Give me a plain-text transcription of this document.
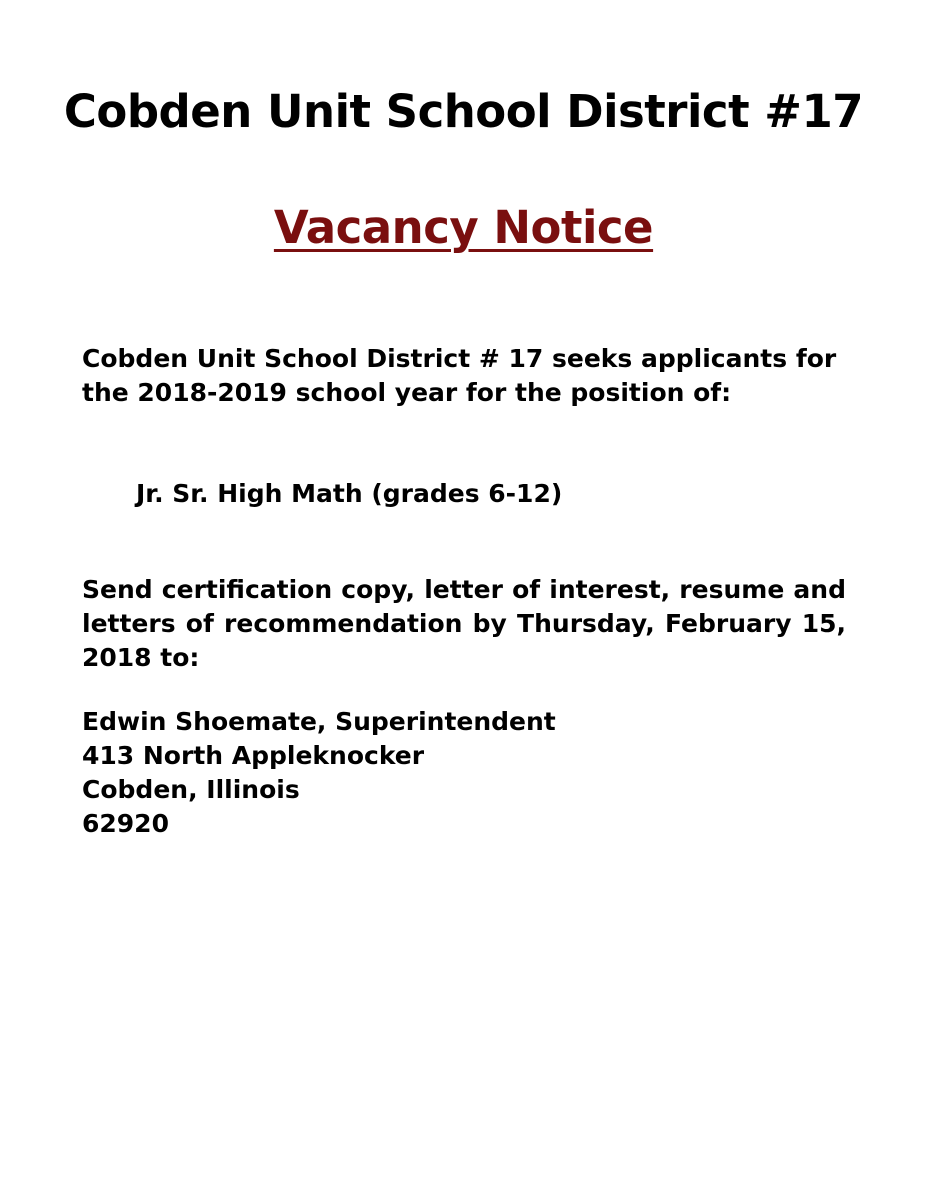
Cobden Unit School District #17
Vacancy Notice

Cobden Unit School District # 17 seeks applicants for
the 2018-2019 school year for the position of:

Jr. Sr. High Math (grades 6-12)

Send certification copy, letter of interest, resume and letters of recommendation by Thursday, February 15, 2018 to:

Edwin Shoemate, Superintendent
413 North Appleknocker
Cobden, Illinois
62920
